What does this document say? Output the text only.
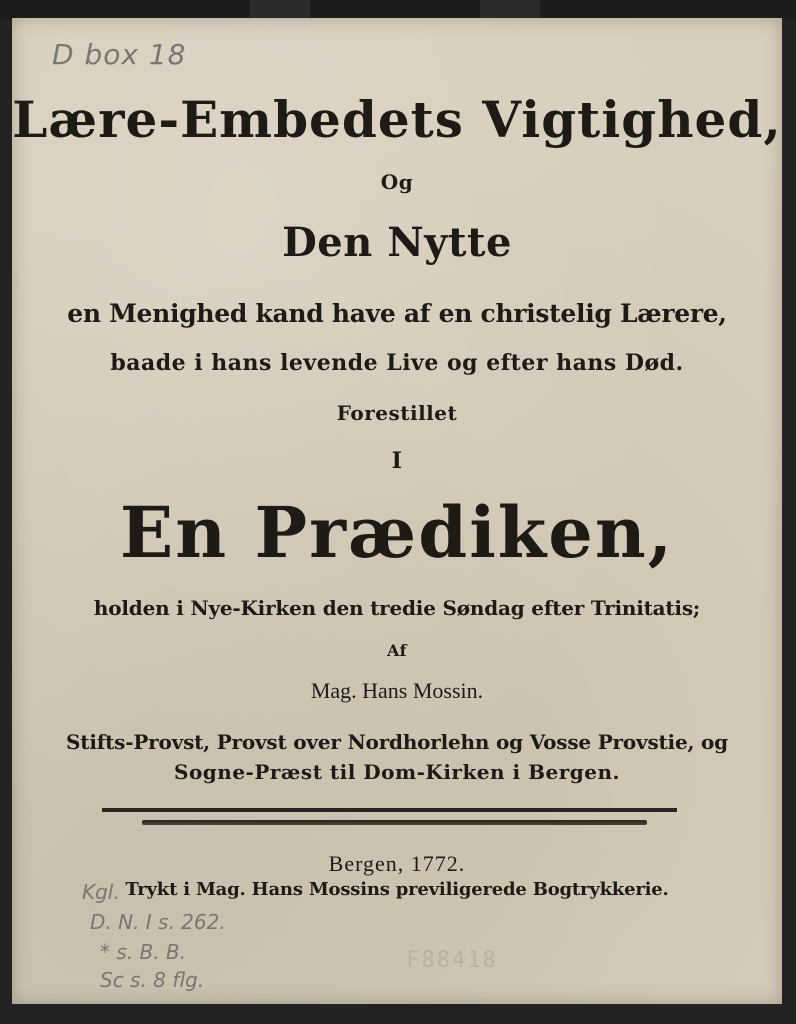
D box 18

Lære-Embedets Vigtighed,

Og

Den Nytte

en Menighed kand have af en christelig Lærere,

baade i hans levende Live og efter hans Død.

Forestillet

I

En Prædiken,

holden i Nye-Kirken den tredie Søndag efter Trinitatis;

Af

Mag. Hans Mossin.

Stifts-Provst, Provst over Nordhorlehn og Vosse Provstie, og

Sogne-Præst til Dom-Kirken i Bergen.

Bergen, 1772.

Trykt i Mag. Hans Mossins previligerede Bogtrykkerie.

Kgl.
D. N. I s. 262.
* s. B. B.
Sc s. 8 flg.
F88418
